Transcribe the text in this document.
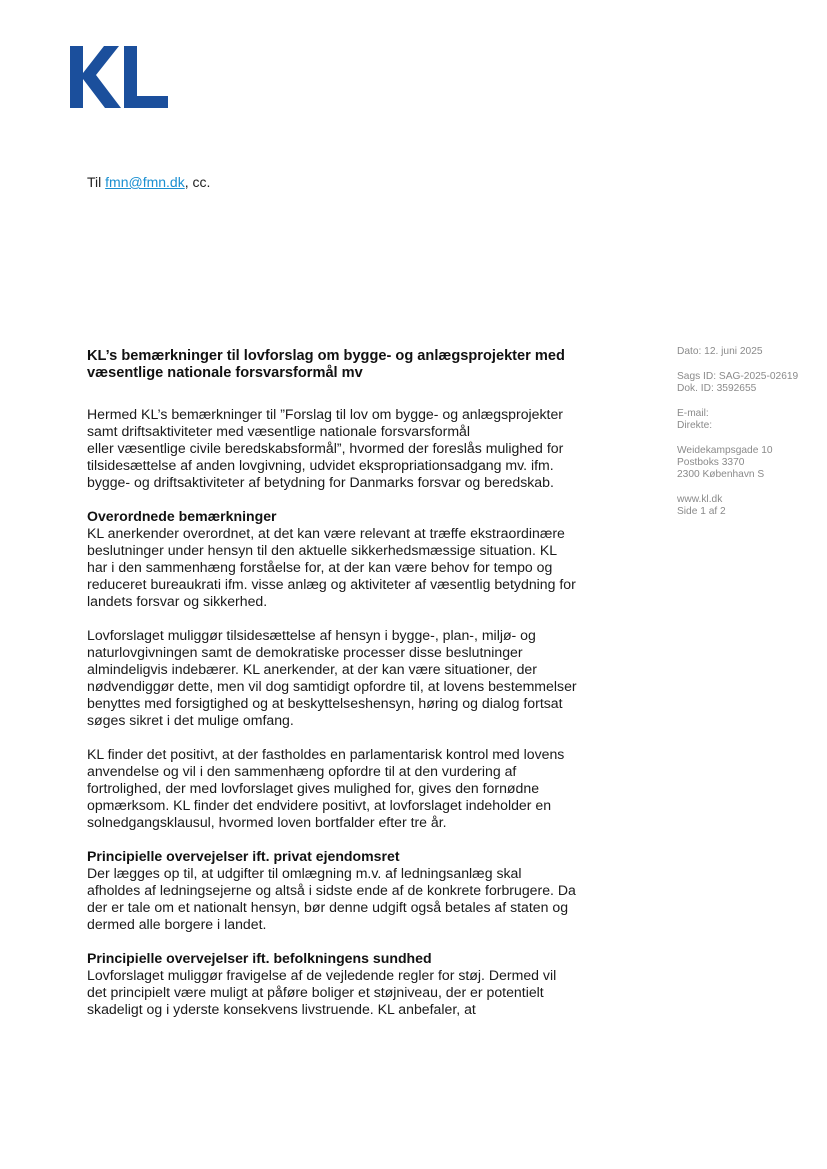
Til fmn@fmn.dk, cc.
KL’s bemærkninger til lovforslag om bygge- og anlægsprojekter med væsentlige nationale forsvarsformål mv

Hermed KL’s bemærkninger til ”Forslag til lov om bygge- og anlægsprojekter samt driftsaktiviteter med væsentlige nationale forsvarsformål

eller væsentlige civile beredskabsformål”, hvormed der foreslås mulighed for tilsidesættelse af anden lovgivning, udvidet ekspropriationsadgang mv. ifm. bygge- og driftsaktiviteter af betydning for Danmarks forsvar og beredskab.

Overordnede bemærkninger

KL anerkender overordnet, at det kan være relevant at træffe ekstraordinære beslutninger under hensyn til den aktuelle sikkerhedsmæssige situation. KL har i den sammenhæng forståelse for, at der kan være behov for tempo og reduceret bureaukrati ifm. visse anlæg og aktiviteter af væsentlig betydning for landets forsvar og sikkerhed.

Lovforslaget muliggør tilsidesættelse af hensyn i bygge-, plan-, miljø- og naturlovgivningen samt de demokratiske processer disse beslutninger almindeligvis indebærer. KL anerkender, at der kan være situationer, der nødvendiggør dette, men vil dog samtidigt opfordre til, at lovens bestemmelser benyttes med forsigtighed og at beskyttelseshensyn, høring og dialog fortsat søges sikret i det mulige omfang.

KL finder det positivt, at der fastholdes en parlamentarisk kontrol med lovens anvendelse og vil i den sammenhæng opfordre til at den vurdering af fortrolighed, der med lovforslaget gives mulighed for, gives den fornødne opmærksom. KL finder det endvidere positivt, at lovforslaget indeholder en solnedgangsklausul, hvormed loven bortfalder efter tre år.

Principielle overvejelser ift. privat ejendomsret

Der lægges op til, at udgifter til omlægning m.v. af ledningsanlæg skal afholdes af ledningsejerne og altså i sidste ende af de konkrete forbrugere. Da der er tale om et nationalt hensyn, bør denne udgift også betales af staten og dermed alle borgere i landet.

Principielle overvejelser ift. befolkningens sundhed

Lovforslaget muliggør fravigelse af de vejledende regler for støj. Dermed vil det principielt være muligt at påføre boliger et støjniveau, der er potentielt skadeligt og i yderste konsekvens livstruende. KL anbefaler, at

Dato: 12. juni 2025
Sags ID: SAG-2025-02619
Dok. ID: 3592655
E-mail:
Direkte:
Weidekampsgade 10
Postboks 3370
2300 København S
www.kl.dk
Side 1 af 2
